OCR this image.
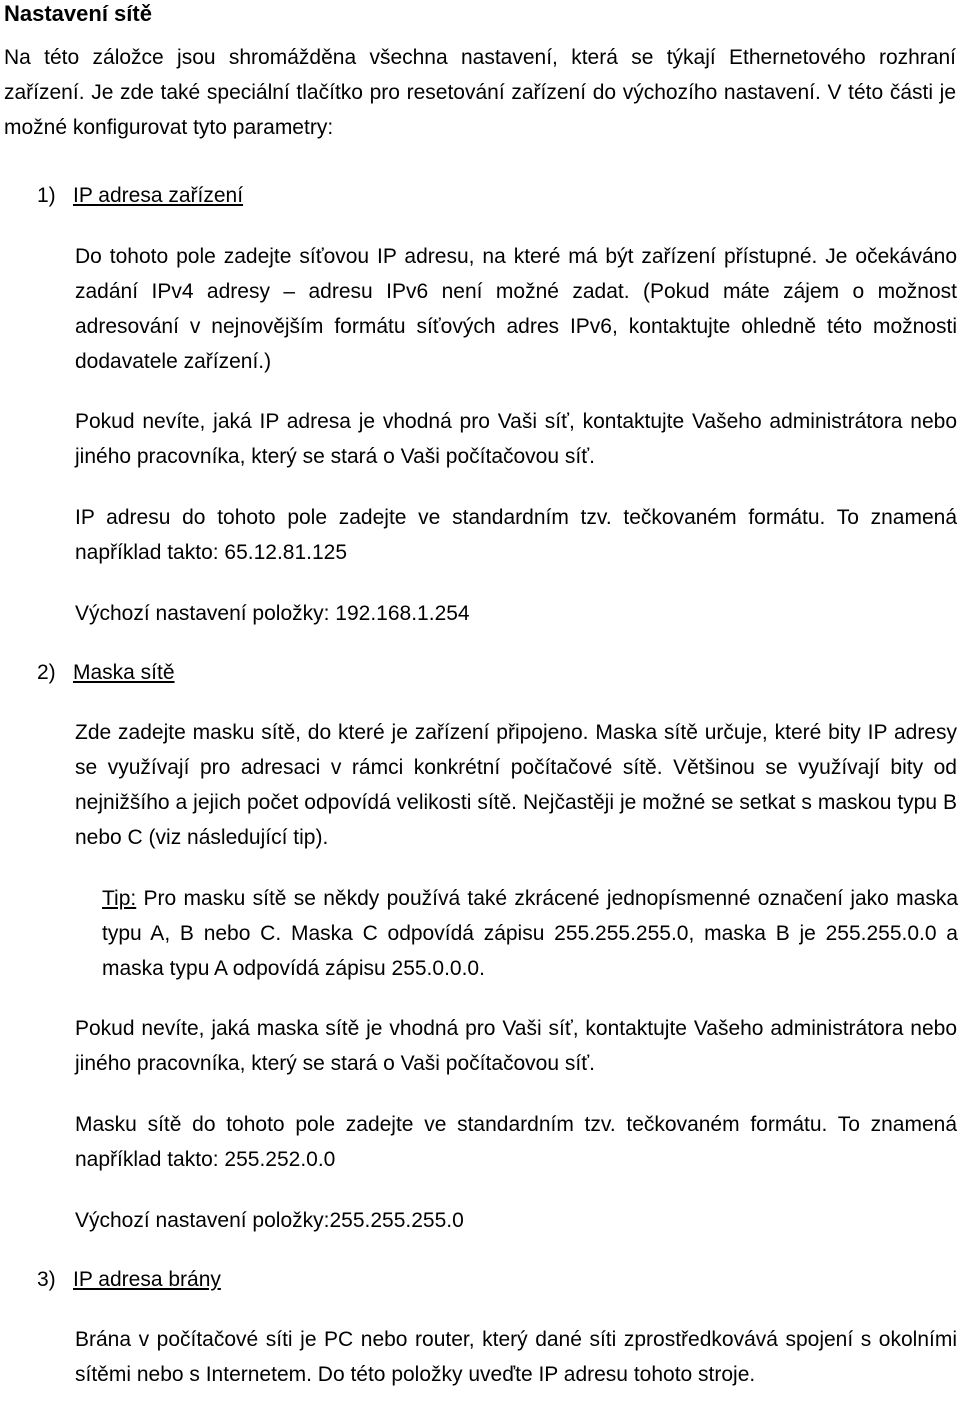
Nastavení sítě

Na této záložce jsou shromážděna všechna nastavení, která se týkají Ethernetového rozhraní zařízení. Je zde také speciální tlačítko pro resetování zařízení do výchozího nastavení. V této části je možné konfigurovat tyto parametry:

1) IP adresa zařízení

Do tohoto pole zadejte síťovou IP adresu, na které má být zařízení přístupné. Je očekáváno zadání IPv4 adresy – adresu IPv6 není možné zadat. (Pokud máte zájem o možnost adresování v nejnovějším formátu síťových adres IPv6, kontaktujte ohledně této možnosti dodavatele zařízení.)

Pokud nevíte, jaká IP adresa je vhodná pro Vaši síť, kontaktujte Vašeho administrátora nebo jiného pracovníka, který se stará o Vaši počítačovou síť.

IP adresu do tohoto pole zadejte ve standardním tzv. tečkovaném formátu. To znamená například takto: 65.12.81.125

Výchozí nastavení položky: 192.168.1.254

2) Maska sítě

Zde zadejte masku sítě, do které je zařízení připojeno. Maska sítě určuje, které bity IP adresy se využívají pro adresaci v rámci konkrétní počítačové sítě. Většinou se využívají bity od nejnižšího a jejich počet odpovídá velikosti sítě. Nejčastěji je možné se setkat s maskou typu B nebo C (viz následující tip).

Tip: Pro masku sítě se někdy používá také zkrácené jednopísmenné označení jako maska typu A, B nebo C. Maska C odpovídá zápisu 255.255.255.0, maska B je 255.255.0.0 a maska typu A odpovídá zápisu 255.0.0.0.

Pokud nevíte, jaká maska sítě je vhodná pro Vaši síť, kontaktujte Vašeho administrátora nebo jiného pracovníka, který se stará o Vaši počítačovou síť.

Masku sítě do tohoto pole zadejte ve standardním tzv. tečkovaném formátu. To znamená například takto: 255.252.0.0

Výchozí nastavení položky:255.255.255.0

3) IP adresa brány

Brána v počítačové síti je PC nebo router, který dané síti zprostředkovává spojení s okolními sítěmi nebo s Internetem. Do této položky uveďte IP adresu tohoto stroje.
